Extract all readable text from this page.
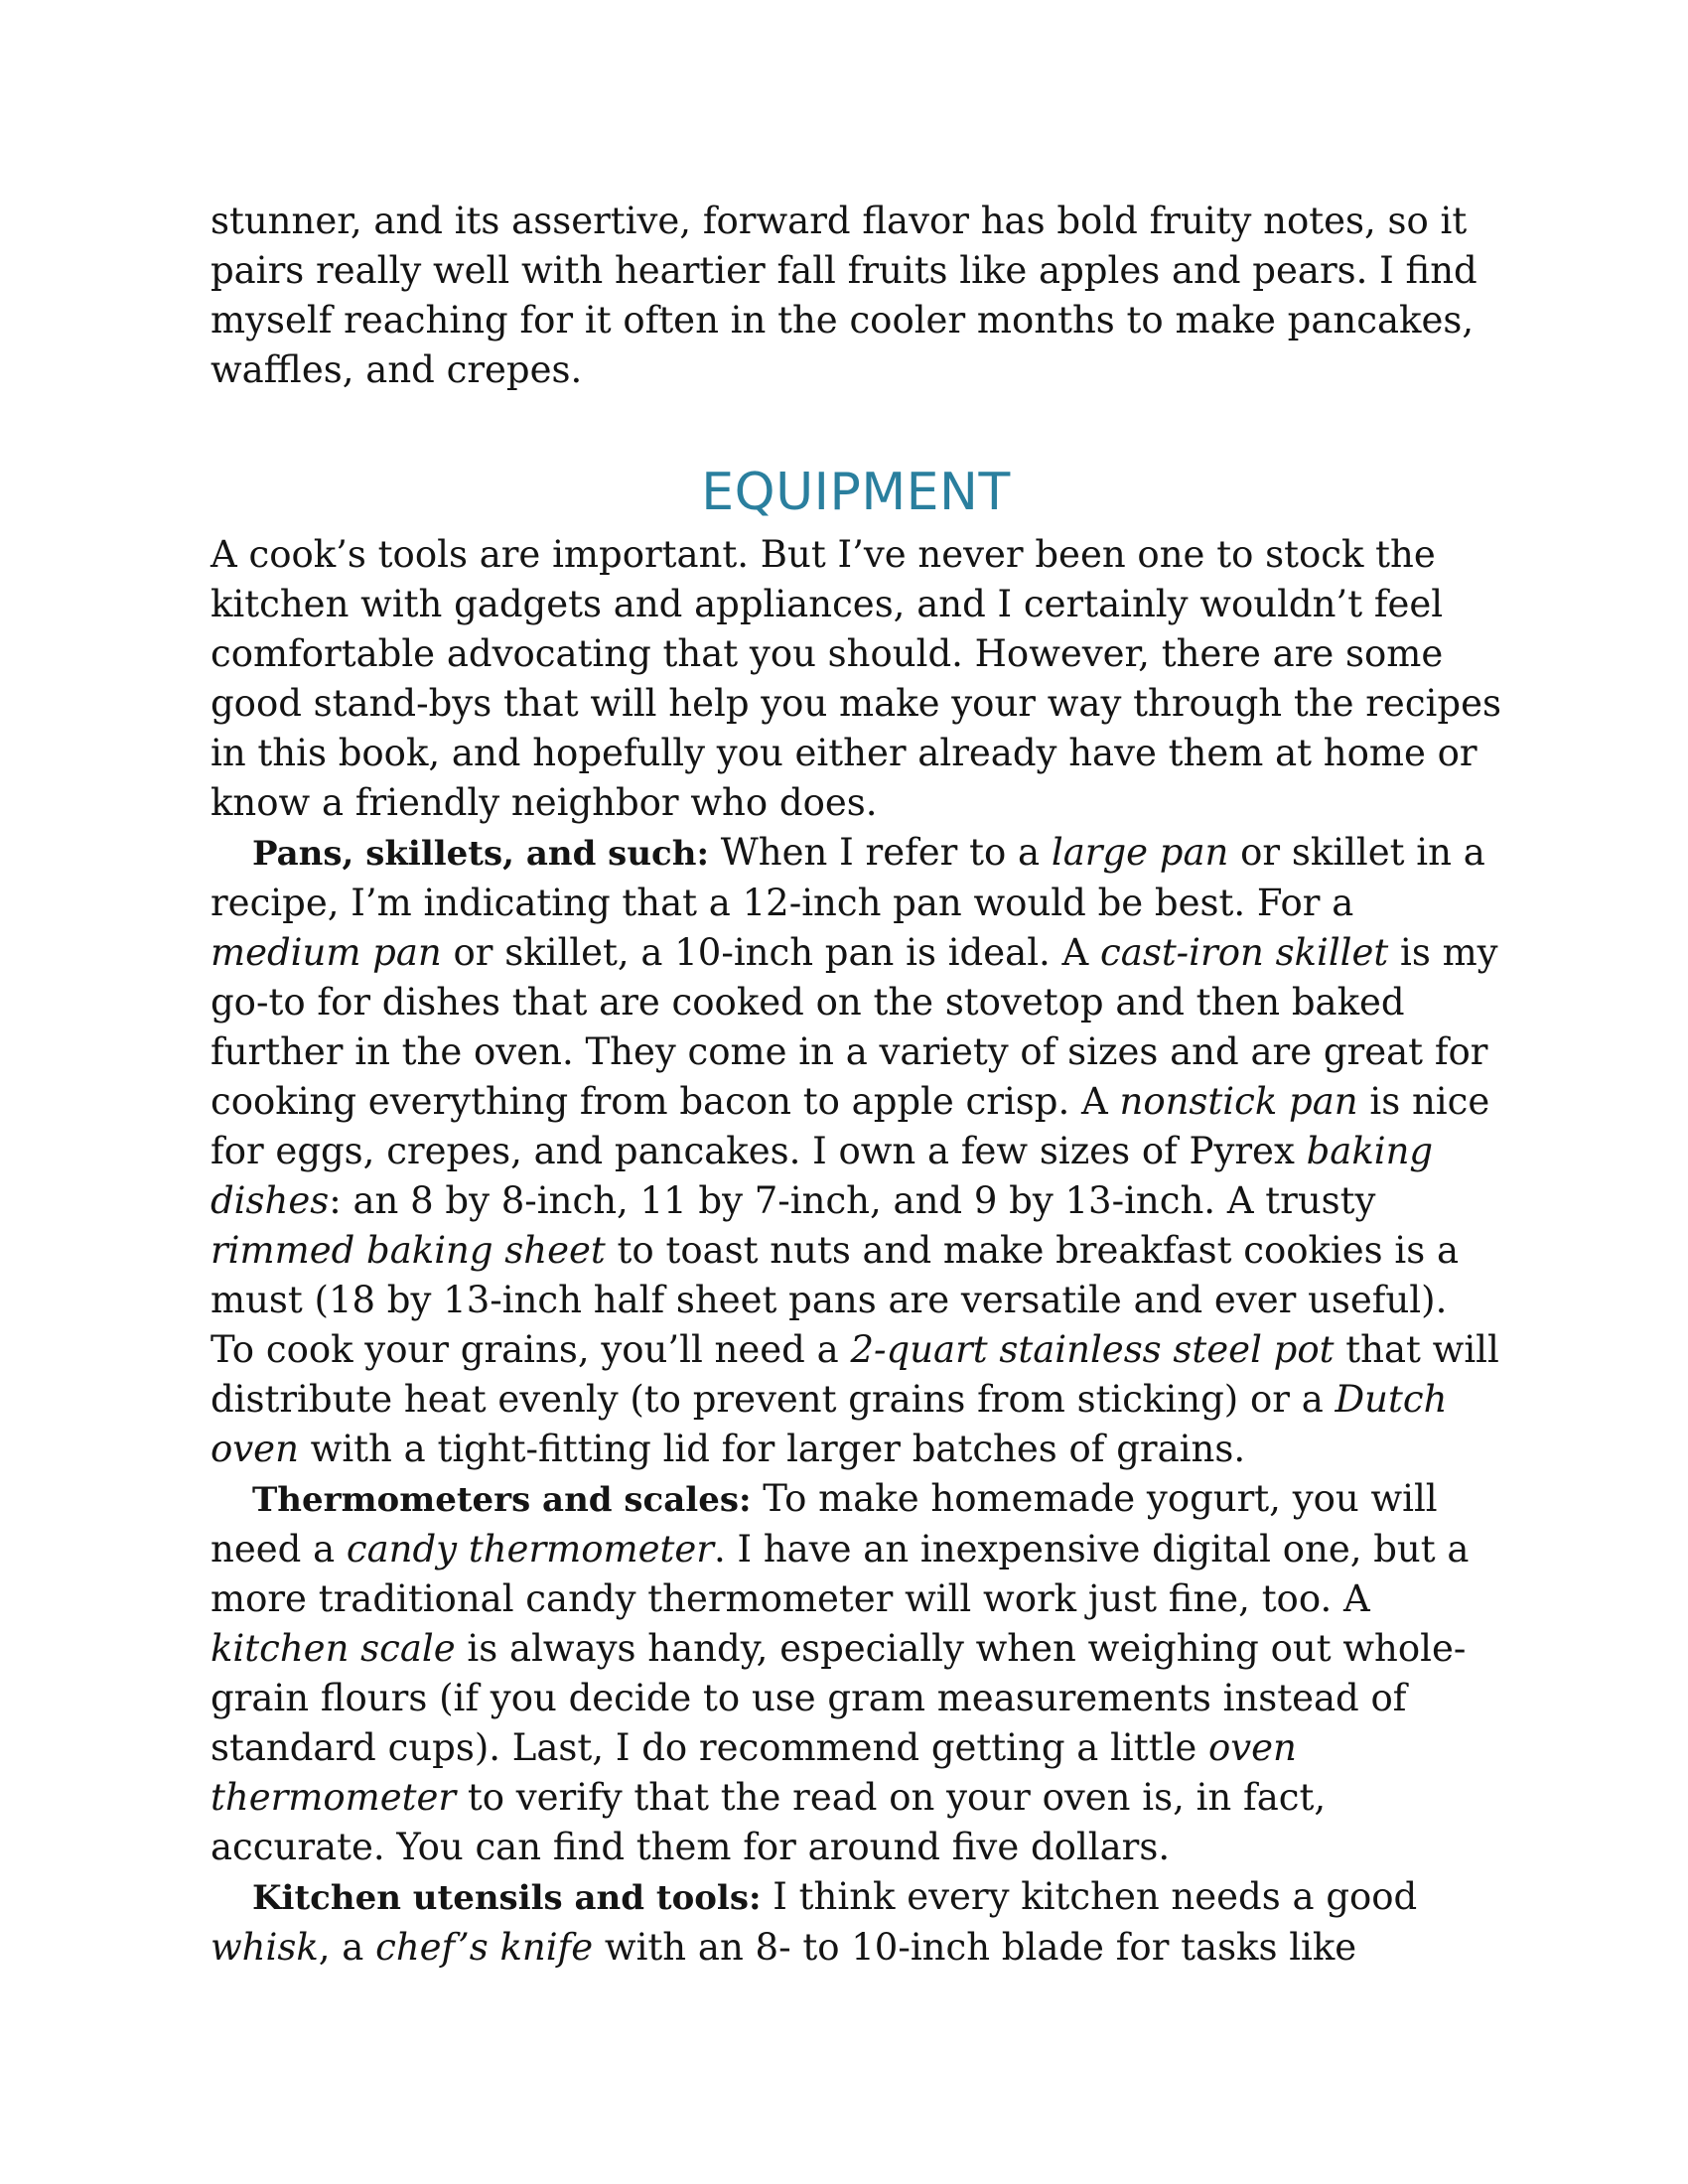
stunner, and its assertive, forward flavor has bold fruity notes, so it pairs really well with heartier fall fruits like apples and pears. I find myself reaching for it often in the cooler months to make pancakes, waffles, and crepes.

EQUIPMENT

A cook’s tools are important. But I’ve never been one to stock the kitchen with gadgets and appliances, and I certainly wouldn’t feel comfortable advocating that you should. However, there are some good stand-bys that will help you make your way through the recipes in this book, and hopefully you either already have them at home or know a friendly neighbor who does.

Pans, skillets, and such: When I refer to a large pan or skillet in a recipe, I’m indicating that a 12-inch pan would be best. For a medium pan or skillet, a 10-inch pan is ideal. A cast-iron skillet is my go-to for dishes that are cooked on the stovetop and then baked further in the oven. They come in a variety of sizes and are great for cooking everything from bacon to apple crisp. A nonstick pan is nice for eggs, crepes, and pancakes. I own a few sizes of Pyrex baking dishes: an 8 by 8-inch, 11 by 7-inch, and 9 by 13-inch. A trusty rimmed baking sheet to toast nuts and make breakfast cookies is a must (18 by 13-inch half sheet pans are versatile and ever useful). To cook your grains, you’ll need a 2-quart stainless steel pot that will distribute heat evenly (to prevent grains from sticking) or a Dutch oven with a tight-fitting lid for larger batches of grains.

Thermometers and scales: To make homemade yogurt, you will need a candy thermometer. I have an inexpensive digital one, but a more traditional candy thermometer will work just fine, too. A kitchen scale is always handy, especially when weighing out whole-grain flours (if you decide to use gram measurements instead of standard cups). Last, I do recommend getting a little oven thermometer to verify that the read on your oven is, in fact, accurate. You can find them for around five dollars.

Kitchen utensils and tools: I think every kitchen needs a good whisk, a chef’s knife with an 8- to 10-inch blade for tasks like
